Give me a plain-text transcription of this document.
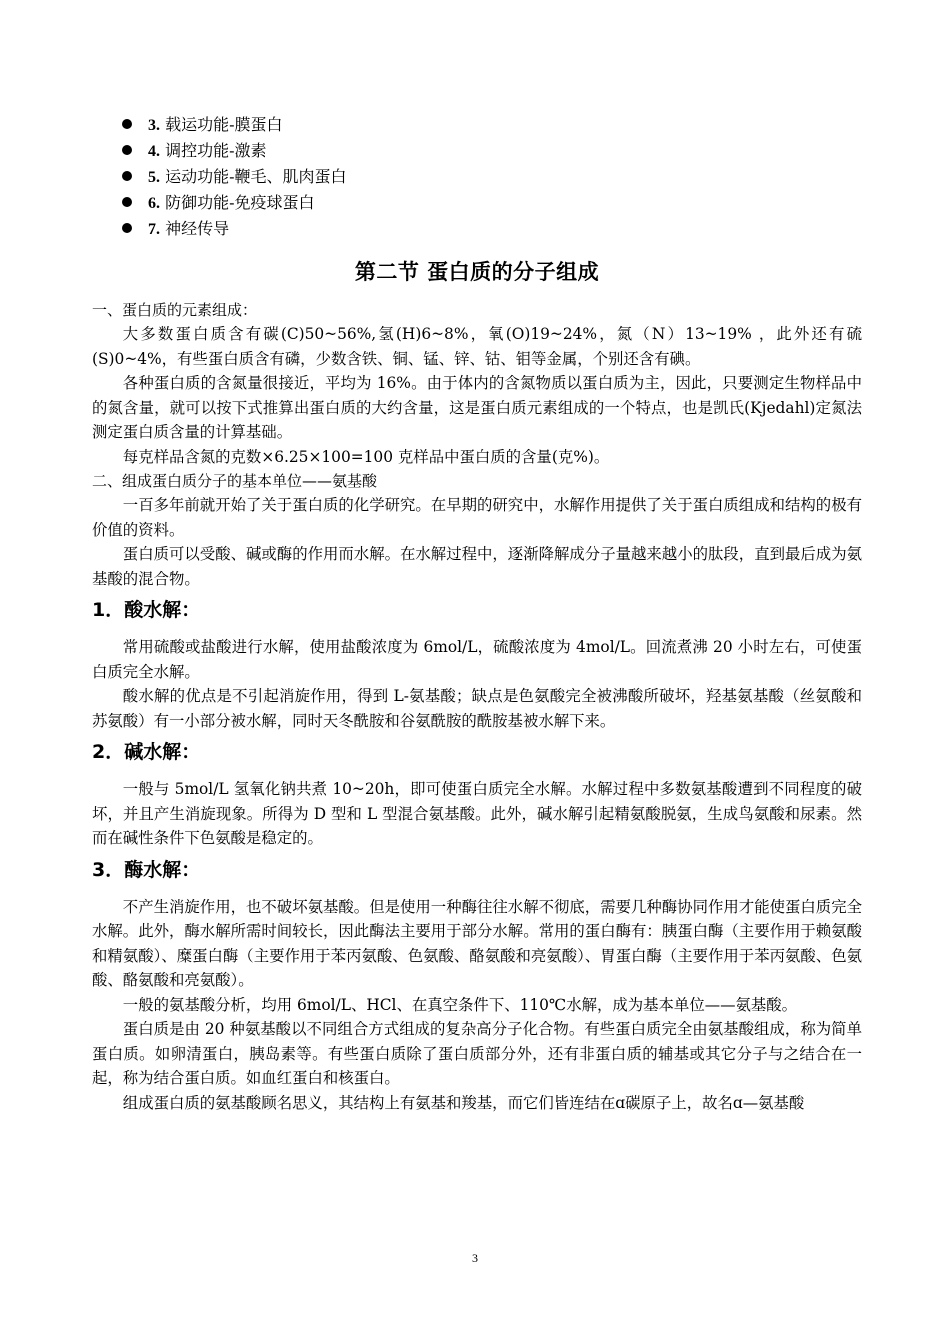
3. 载运功能-膜蛋白
4. 调控功能-激素
5. 运动功能-鞭毛、肌肉蛋白
6. 防御功能-免疫球蛋白
7. 神经传导
第二节 蛋白质的分子组成
一、蛋白质的元素组成：

大多数蛋白质含有碳(C)50~56%,氢(H)6~8%，氧(O)19~24%，氮（N）13~19% ，此外还有硫(S)0~4%，有些蛋白质含有磷，少数含铁、铜、锰、锌、钴、钼等金属，个别还含有碘。

各种蛋白质的含氮量很接近，平均为 16%。由于体内的含氮物质以蛋白质为主，因此，只要测定生物样品中的氮含量，就可以按下式推算出蛋白质的大约含量，这是蛋白质元素组成的一个特点，也是凯氏(Kjedahl)定氮法测定蛋白质含量的计算基础。

每克样品含氮的克数×6.25×100=100 克样品中蛋白质的含量(克%)。

二、组成蛋白质分子的基本单位——氨基酸

一百多年前就开始了关于蛋白质的化学研究。在早期的研究中，水解作用提供了关于蛋白质组成和结构的极有价值的资料。

蛋白质可以受酸、碱或酶的作用而水解。在水解过程中，逐渐降解成分子量越来越小的肽段，直到最后成为氨基酸的混合物。

1．酸水解：

常用硫酸或盐酸进行水解，使用盐酸浓度为 6mol/L，硫酸浓度为 4mol/L。回流煮沸 20 小时左右，可使蛋白质完全水解。

酸水解的优点是不引起消旋作用，得到 L-氨基酸；缺点是色氨酸完全被沸酸所破坏，羟基氨基酸（丝氨酸和苏氨酸）有一小部分被水解，同时天冬酰胺和谷氨酰胺的酰胺基被水解下来。

2．碱水解：

一般与 5mol/L 氢氧化钠共煮 10~20h，即可使蛋白质完全水解。水解过程中多数氨基酸遭到不同程度的破坏，并且产生消旋现象。所得为 D 型和 L 型混合氨基酸。此外，碱水解引起精氨酸脱氨，生成鸟氨酸和尿素。然而在碱性条件下色氨酸是稳定的。

3．酶水解：

不产生消旋作用，也不破坏氨基酸。但是使用一种酶往往水解不彻底，需要几种酶协同作用才能使蛋白质完全水解。此外，酶水解所需时间较长，因此酶法主要用于部分水解。常用的蛋白酶有：胰蛋白酶（主要作用于赖氨酸和精氨酸）、糜蛋白酶（主要作用于苯丙氨酸、色氨酸、酪氨酸和亮氨酸）、胃蛋白酶（主要作用于苯丙氨酸、色氨酸、酪氨酸和亮氨酸）。

一般的氨基酸分析，均用 6mol/L、HCl、在真空条件下、110℃水解，成为基本单位——氨基酸。

蛋白质是由 20 种氨基酸以不同组合方式组成的复杂高分子化合物。有些蛋白质完全由氨基酸组成，称为简单蛋白质。如卵清蛋白，胰岛素等。有些蛋白质除了蛋白质部分外，还有非蛋白质的辅基或其它分子与之结合在一起，称为结合蛋白质。如血红蛋白和核蛋白。

组成蛋白质的氨基酸顾名思义，其结构上有氨基和羧基，而它们皆连结在ɑ碳原子上，故名ɑ—氨基酸

3
